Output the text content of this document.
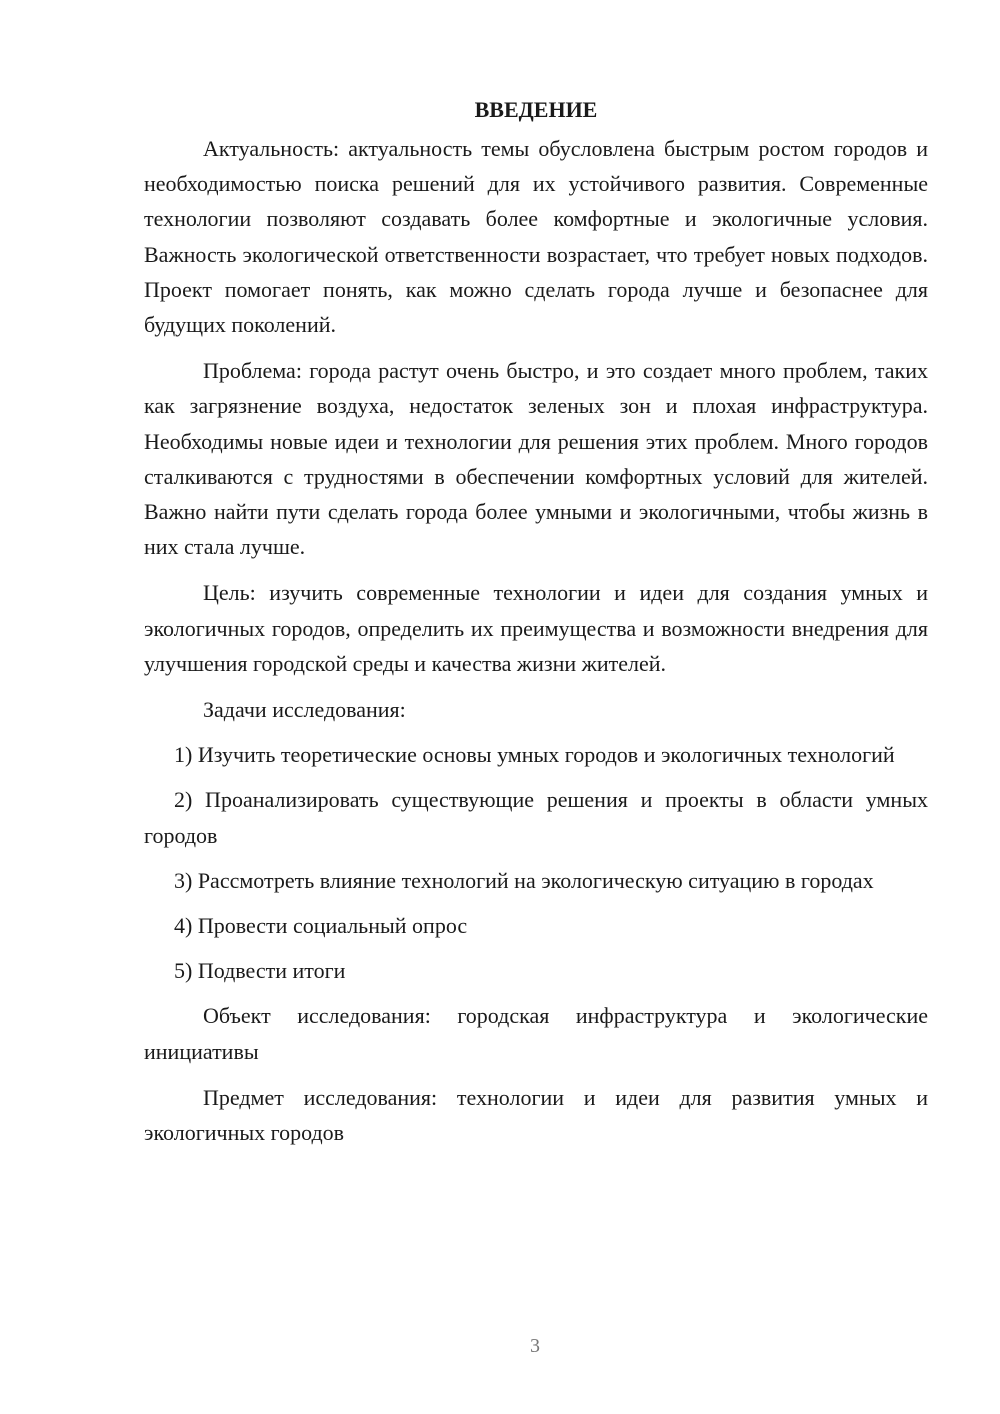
ВВЕДЕНИЕ

Актуальность: актуальность темы обусловлена быстрым ростом городов и необходимостью поиска решений для их устойчивого развития. Современные технологии позволяют создавать более комфортные и экологичные условия. Важность экологической ответственности возрастает, что требует новых подходов. Проект помогает понять, как можно сделать города лучше и безопаснее для будущих поколений.

Проблема: города растут очень быстро, и это создает много проблем, таких как загрязнение воздуха, недостаток зеленых зон и плохая инфраструктура. Необходимы новые идеи и технологии для решения этих проблем. Много городов сталкиваются с трудностями в обеспечении комфортных условий для жителей. Важно найти пути сделать города более умными и экологичными, чтобы жизнь в них стала лучше.

Цель: изучить современные технологии и идеи для создания умных и экологичных городов, определить их преимущества и возможности внедрения для улучшения городской среды и качества жизни жителей.

Задачи исследования:

1) Изучить теоретические основы умных городов и экологичных технологий

2) Проанализировать существующие решения и проекты в области умных городов

3) Рассмотреть влияние технологий на экологическую ситуацию в городах

4) Провести социальный опрос

5) Подвести итоги

Объект исследования: городская инфраструктура и экологические инициативы

Предмет исследования: технологии и идеи для развития умных и экологичных городов

3
